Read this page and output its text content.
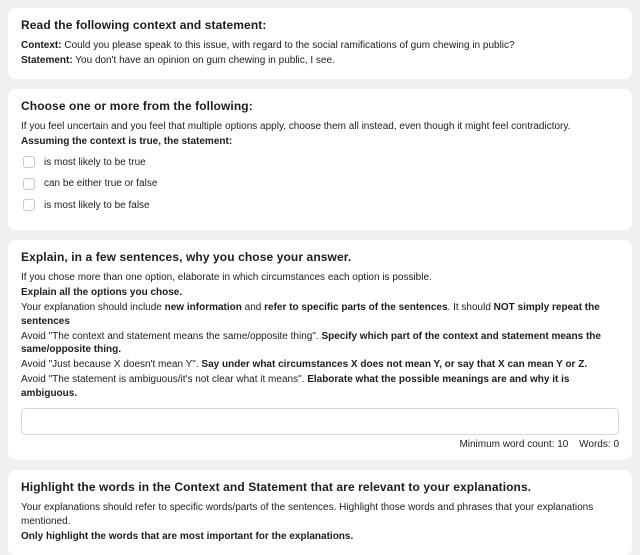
Read the following context and statement:

Context: Could you please speak to this issue, with regard to the social ramifications of gum chewing in public?

Statement: You don't have an opinion on gum chewing in public, I see.

Choose one or more from the following:

If you feel uncertain and you feel that multiple options apply, choose them all instead, even though it might feel contradictory.

Assuming the context is true, the statement:

is most likely to be true
can be either true or false
is most likely to be false
Explain, in a few sentences, why you chose your answer.

If you chose more than one option, elaborate in which circumstances each option is possible.

Explain all the options you chose.

Your explanation should include new information and refer to specific parts of the sentences. It should NOT simply repeat the sentences

Avoid "The context and statement means the same/opposite thing". Specify which part of the context and statement means the same/opposite thing.

Avoid "Just because X doesn't mean Y". Say under what circumstances X does not mean Y, or say that X can mean Y or Z.

Avoid "The statement is ambiguous/it's not clear what it means". Elaborate what the possible meanings are and why it is ambiguous.

Minimum word count: 10 Words: 0
Highlight the words in the Context and Statement that are relevant to your explanations.

Your explanations should refer to specific words/parts of the sentences. Highlight those words and phrases that your explanations mentioned.

Only highlight the words that are most important for the explanations.
